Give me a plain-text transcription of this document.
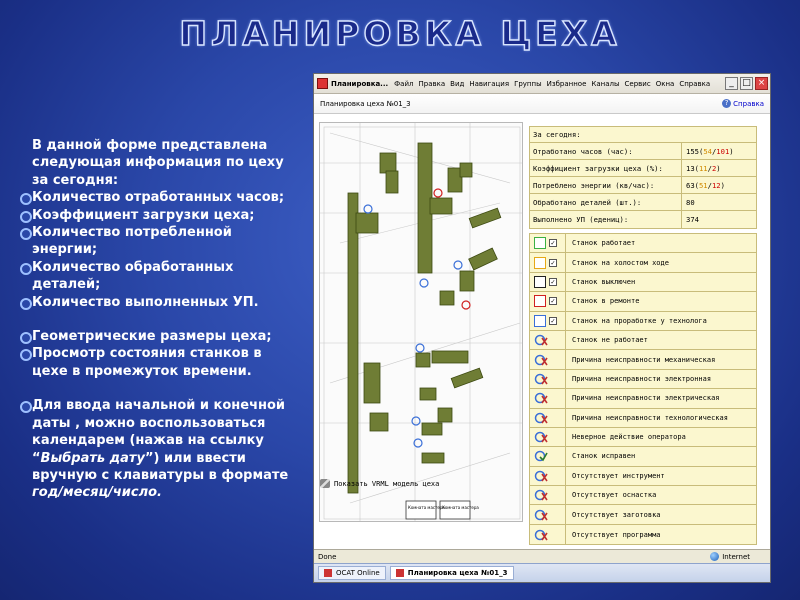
ПЛАНИРОВКА ЦЕХА

В данной форме представлена следующая информация по цеху за сегодня:

Количество отработанных часов;
Коэффициент загрузки цеха;
Количество потребленной энергии;
Количество обработанных деталей;
Количество выполненных УП.
Геометрические размеры цеха;
Просмотр состояния станков в цехе в промежуток времени.
Для ввода начальной и конечной даты , можно воспользоваться календарем (нажав на ссылку “Выбрать дату”) или ввести вручную с клавиатуры в формате год/месяц/число.
Планировка... Файл Правка Вид Навигация Группы Избранное Каналы Сервис Окна Справка	_ □ ×
Планировка цеха №01_3	? Справка
Комната мастера
Комната мастера
Показать VRML модель цеха
За сегодня:
Отработано часов (час):	155(54/101)
Коэффициент загрузки цеха (%):	13(11/2)
Потреблено энергии (кв/час):	63(51/12)
Обработано деталей (шт.):	80
Выполнено УП (едениц):	374
✓	Станок работает
✓	Станок на холостом ходе
✓	Станок выключен
✓	Станок в ремонте
✓	Станок на проработке у технолога
Станок не работает
Причина неисправности механическая
Причина неисправности электронная
Причина неисправности электрическая
Причина неисправности технологическая
Неверное действие оператора
Станок исправен
Отсутствует инструмент
Отсутствует оснастка
Отсутствует заготовка
Отсутствует программа
Done	Internet
OCAT Online	Планировка цеха №01_3
